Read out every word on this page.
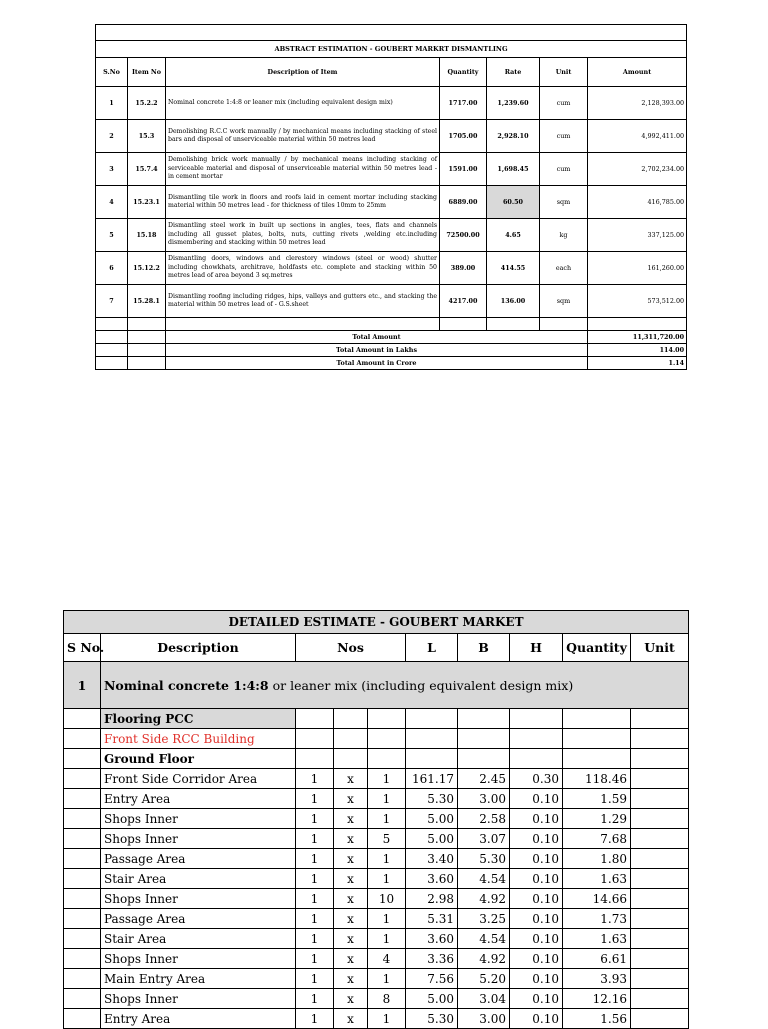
ABSTRACT ESTIMATION - GOUBERT MARKRT DISMANTLING						
S.No	Item No	Description of Item	Quantity	Rate	Unit	Amount
1	15.2.2	Nominal concrete 1:4:8 or leaner mix (including equivalent design mix)	1717.00	1,239.60	cum	2,128,393.00
2	15.3	Demolishing R.C.C work manually / by mechanical means including stacking of steel bars and disposal of unserviceable material within 50 metres lead	1705.00	2,928.10	cum	4,992,411.00
3	15.7.4	Demolishing brick work manually / by mechanical means including stacking of serviceable material and disposal of unserviceable material within 50 metres lead - in cement mortar	1591.00	1,698.45	cum	2,702,234.00
4	15.23.1	Dismantling tile work in floors and roofs laid in cement mortar including stacking material within 50 metres lead - for thickness of tiles 10mm to 25mm	6889.00	60.50	sqm	416,785.00
5	15.18	Dismantling steel work in built up sections in angles, tees, flats and channels including all gusset plates, bolts, nuts, cutting rivets ,welding etc.including dismembering and stacking within 50 metres lead	72500.00	4.65	kg	337,125.00
6	15.12.2	Dismantling doors, windows and clerestory windows (steel or wood) shutter including chowkhats, architrave, holdfasts etc. complete and stacking within 50 metres lead of area beyond 3 sq.metres	389.00	414.55	each	161,260.00
7	15.28.1	Dismantling roofing including ridges, hips, valleys and gutters etc., and stacking the material within 50 metres lead of - G.S.sheet	4217.00	136.00	sqm	573,512.00

		Total Amount				11,311,720.00
		Total Amount in Lakhs				114.00
		Total Amount in Crore				1.14
DETAILED ESTIMATE - GOUBERT MARKET									
S No.	Description	Nos			L	B	H	Quantity	Unit
1	Nominal concrete 1:4:8 or leaner mix (including equivalent design mix)								
	Flooring PCC								
	Front Side RCC Building								
	Ground Floor								
	Front Side Corridor Area	1	x	1	161.17	2.45	0.30	118.46	
	Entry Area	1	x	1	5.30	3.00	0.10	1.59	
	Shops Inner	1	x	1	5.00	2.58	0.10	1.29	
	Shops Inner	1	x	5	5.00	3.07	0.10	7.68	
	Passage Area	1	x	1	3.40	5.30	0.10	1.80	
	Stair Area	1	x	1	3.60	4.54	0.10	1.63	
	Shops Inner	1	x	10	2.98	4.92	0.10	14.66	
	Passage Area	1	x	1	5.31	3.25	0.10	1.73	
	Stair Area	1	x	1	3.60	4.54	0.10	1.63	
	Shops Inner	1	x	4	3.36	4.92	0.10	6.61	
	Main Entry Area	1	x	1	7.56	5.20	0.10	3.93	
	Shops Inner	1	x	8	5.00	3.04	0.10	12.16	
	Entry Area	1	x	1	5.30	3.00	0.10	1.56	
